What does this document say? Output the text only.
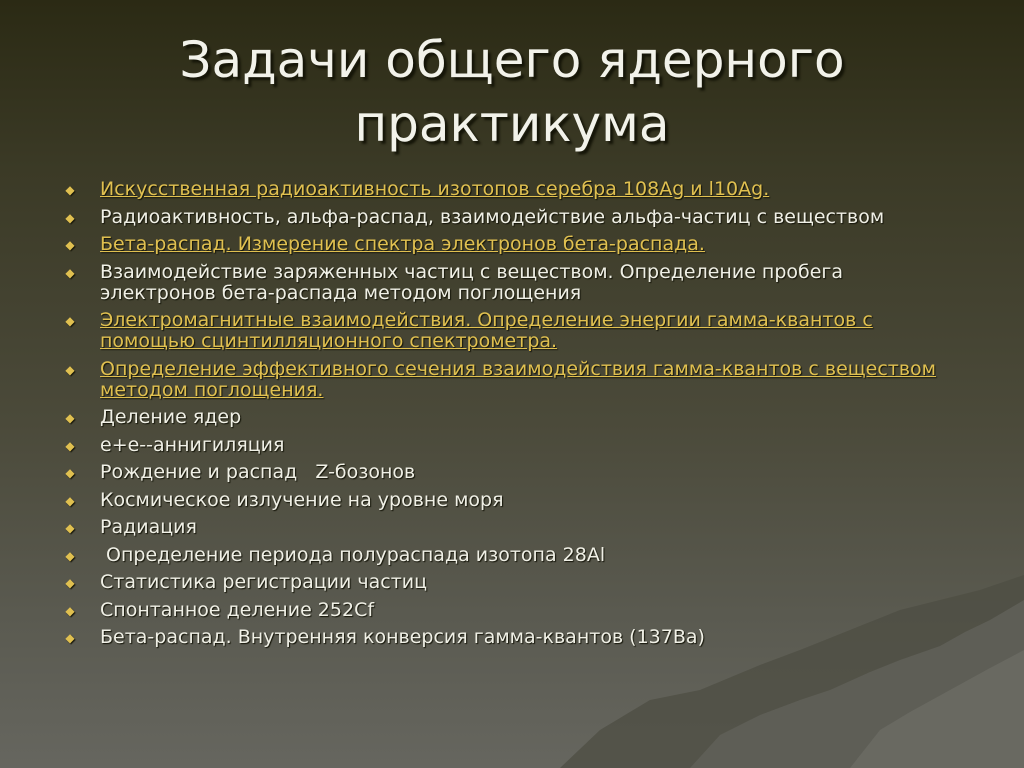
Задачи общего ядерного
практикума
◆
Искусственная радиоактивность изотопов серебра 108Ag и l10Ag.
◆
Радиоактивность, альфа-распад, взаимодействие альфа-частиц с веществом
◆
Бета-распад. Измерение спектра электронов бета-распада.
◆
Взаимодействие заряженных частиц с веществом. Определение пробега электронов бета-распада методом поглощения
◆
Электромагнитные взаимодействия. Определение энергии гамма-квантов с помощью сцинтилляционного спектрометра.
◆
Определение эффективного сечения взаимодействия гамма-квантов с веществом методом поглощения.
◆
Деление ядер
◆
e+e--аннигиляция
◆
Рождение и распад   Z-бозонов
◆
Космическое излучение на уровне моря
◆
Радиация
◆
Определение периода полураспада изотопа 28Al
◆
Статистика регистрации частиц
◆
Спонтанное деление 252Cf
◆
Бета-распад. Внутренняя конверсия гамма-квантов (137Ba)
